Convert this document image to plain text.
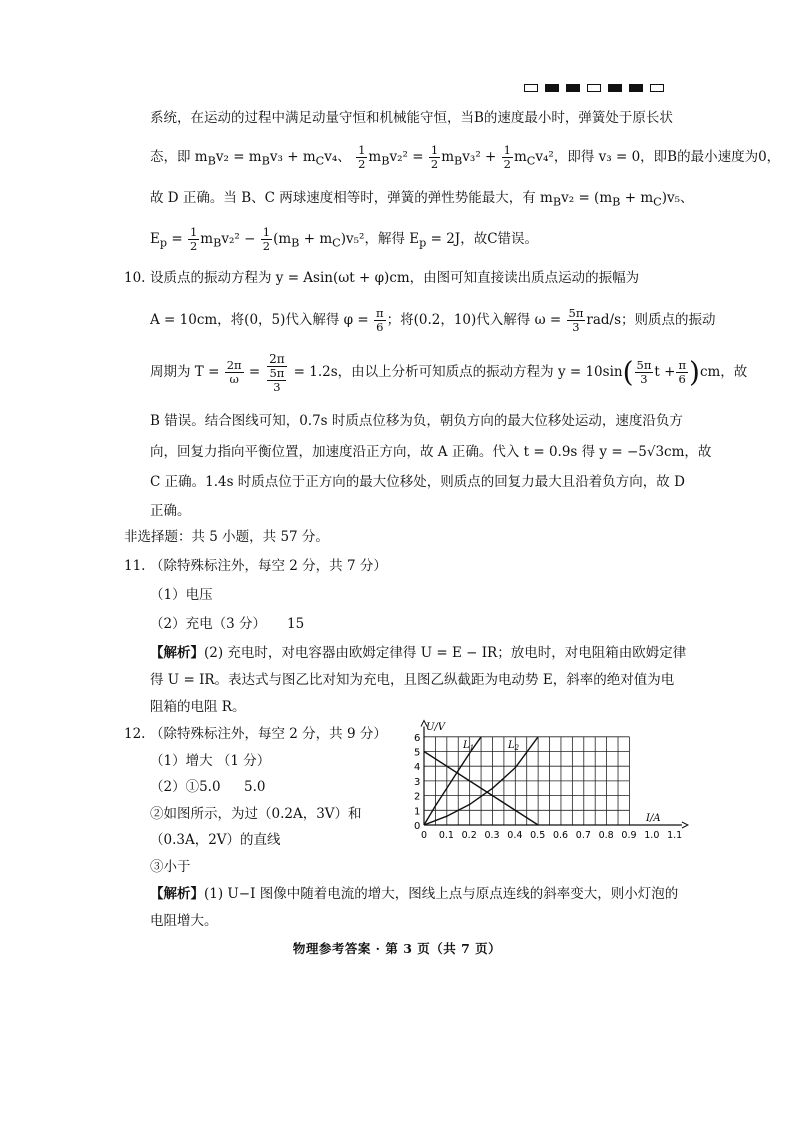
系统，在运动的过程中满足动量守恒和机械能守恒，当B的速度最小时，弹簧处于原长状
态，即 $m_Bv_2 = m_Bv_3 + m_Cv_4$、 $\frac{1}{2} m_Bv_2^2 = \frac{1}{2} m_Bv_3^2 + \frac{1}{2} m_Cv_4^2$，即得 v₃ = 0，即B的最小速度为0，
故 D 正确。当 B、C 两球速度相等时，弹簧的弹性势能最大，有 $m_Bv_2 = (m_B + m_C)v_5$、
$E_p = \frac{1}{2} m_Bv_2^2 - \frac{1}{2} (m_B + m_C)v_5^2$，解得 $E_p = 2J$，故C错误。
10. 设质点的振动方程为 y = Asin(ωt + φ)cm，由图可知直接读出质点运动的振幅为
A = 10cm，将(0，5)代入解得 $\varphi = \frac{\pi}{6}$ ；将(0.2，10)代入解得 $\omega = \frac{5\pi}{3} rad/s$；则质点的振动
周期为 $T = \frac{2\pi}{\omega} = \frac{2\pi}{\frac{5\pi}{3}} = 1.2s$，由以上分析可知质点的振动方程为 $y = 10\sin( \frac{5\pi}{3}$ $t + \frac{\pi}{6} )cm$，故
B 错误。结合图线可知，0.7s 时质点位移为负，朝负方向的最大位移处运动，速度沿负方
向，回复力指向平衡位置，加速度沿正方向，故 A 正确。代入 t = 0.9s 得 y = −5√3cm，故
C 正确。1.4s 时质点位于正方向的最大位移处，则质点的回复力最大且沿着负方向，故 D
正确。
非选择题：共 5 小题，共 57 分。
11. （除特殊标注外，每空 2 分，共 7 分）
（1）电压
（2）充电（3 分） 15
【解析】(2) 充电时，对电容器由欧姆定律得 U = E − IR；放电时，对电阻箱由欧姆定律
得 U = IR。表达式与图乙比对知为充电，且图乙纵截距为电动势 E，斜率的绝对值为电
阻箱的电阻 R。
12. （除特殊标注外，每空 2 分，共 9 分）
（1）增大 （1 分）
（2）①5.0 5.0
②如图所示，为过（0.2A，3V）和
（0.3A，2V）的直线
③小于
【解析】(1) U−I 图像中随着电流的增大，图线上点与原点连线的斜率变大，则小灯泡的
电阻增大。
0
1
2
3
4
5
6
0 0.1 0.2 0.3 0.4 0.5 0.6 0.7 0.8 0.9 1.0 1.1
U/V
I/A
$L_1$	$L_2$
物理参考答案 · 第 3 页（共 7 页）
